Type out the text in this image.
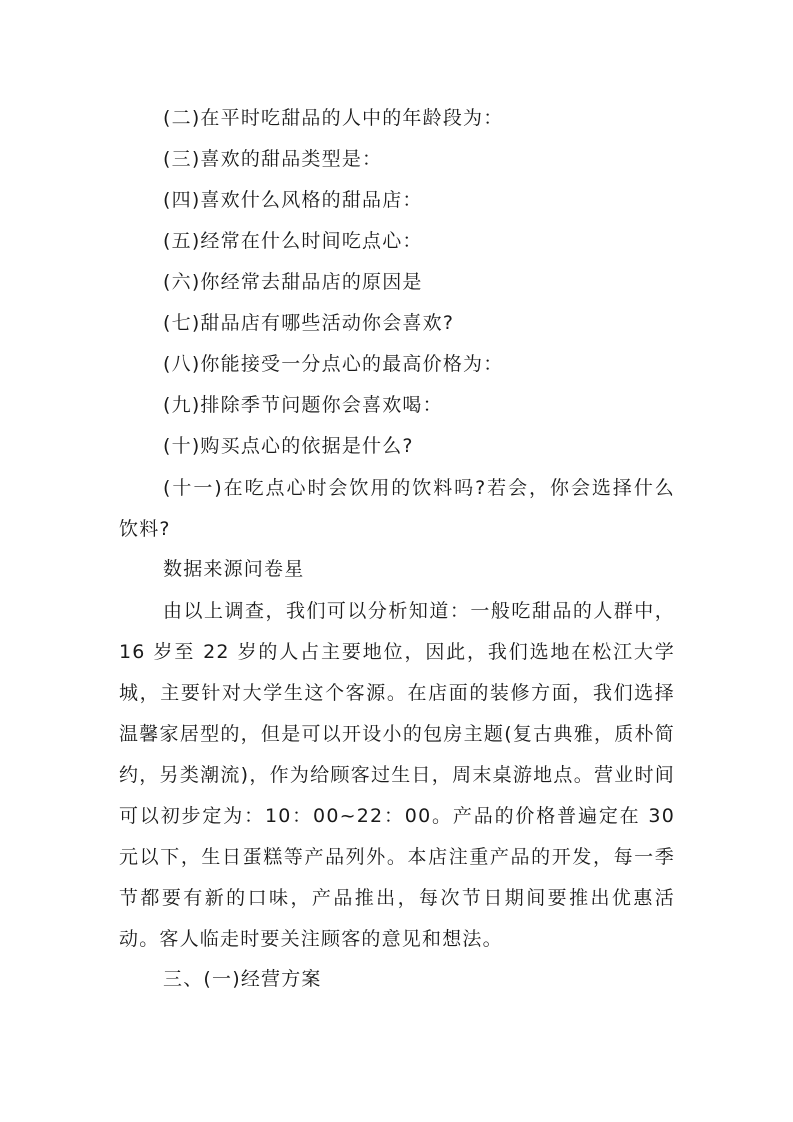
(二)在平时吃甜品的人中的年龄段为：
(三)喜欢的甜品类型是：
(四)喜欢什么风格的甜品店：
(五)经常在什么时间吃点心：
(六)你经常去甜品店的原因是
(七)甜品店有哪些活动你会喜欢?
(八)你能接受一分点心的最高价格为：
(九)排除季节问题你会喜欢喝：
(十)购买点心的依据是什么?
(十一)在吃点心时会饮用的饮料吗?若会，你会选择什么饮料?
数据来源问卷星
由以上调查，我们可以分析知道：一般吃甜品的人群中，16 岁至 22 岁的人占主要地位，因此，我们选地在松江大学城，主要针对大学生这个客源。在店面的装修方面，我们选择温馨家居型的，但是可以开设小的包房主题(复古典雅，质朴简约，另类潮流)，作为给顾客过生日，周末桌游地点。营业时间可以初步定为：10：00~22：00。产品的价格普遍定在 30 元以下，生日蛋糕等产品列外。本店注重产品的开发，每一季节都要有新的口味，产品推出，每次节日期间要推出优惠活动。客人临走时要关注顾客的意见和想法。
三、(一)经营方案
